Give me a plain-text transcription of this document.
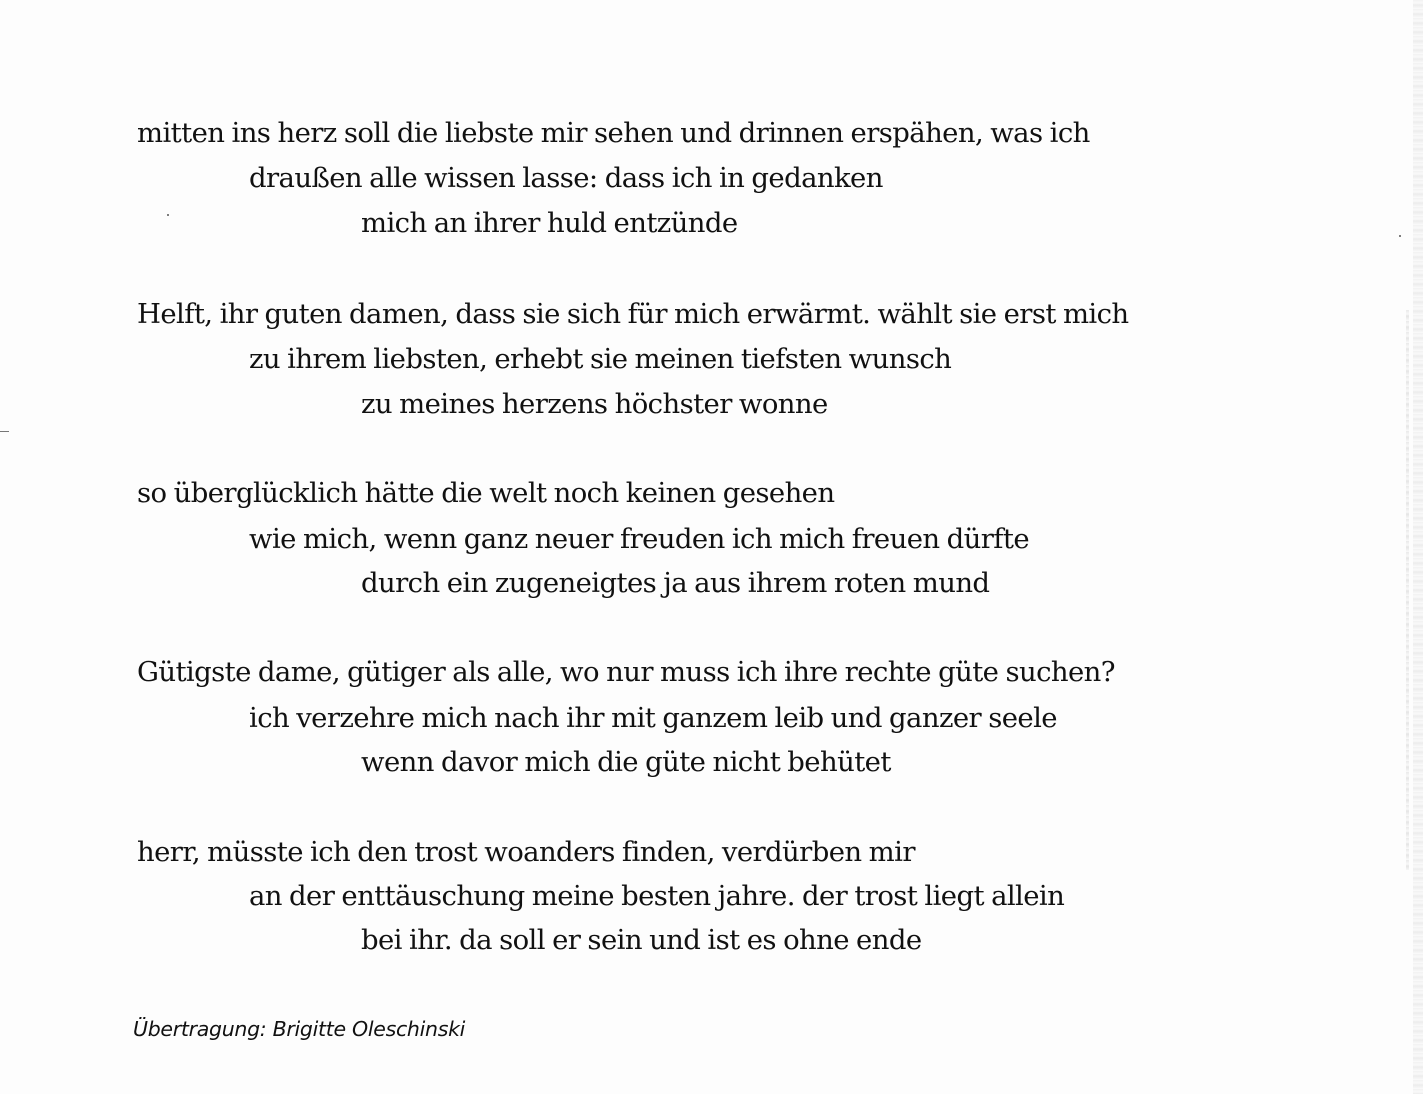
mitten ins herz soll die liebste mir sehen und drinnen erspähen, was ich
draußen alle wissen lasse: dass ich in gedanken
mich an ihrer huld entzünde
Helft, ihr guten damen, dass sie sich für mich erwärmt. wählt sie erst mich
zu ihrem liebsten, erhebt sie meinen tiefsten wunsch
zu meines herzens höchster wonne
so überglücklich hätte die welt noch keinen gesehen
wie mich, wenn ganz neuer freuden ich mich freuen dürfte
durch ein zugeneigtes ja aus ihrem roten mund
Gütigste dame, gütiger als alle, wo nur muss ich ihre rechte güte suchen?
ich verzehre mich nach ihr mit ganzem leib und ganzer seele
wenn davor mich die güte nicht behütet
herr, müsste ich den trost woanders finden, verdürben mir
an der enttäuschung meine besten jahre. der trost liegt allein
bei ihr. da soll er sein und ist es ohne ende
Übertragung: Brigitte Oleschinski
